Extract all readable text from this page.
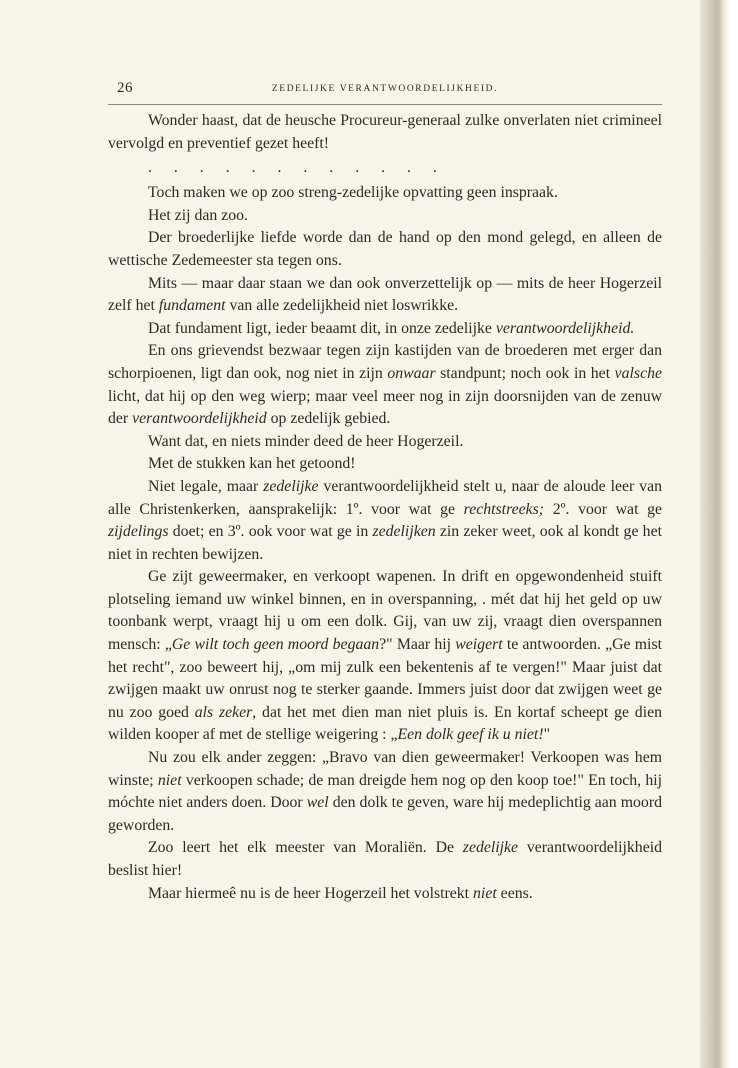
26	ZEDELIJKE VERANTWOORDELIJKHEID.

Wonder haast, dat de heusche Procureur-generaal zulke onverlaten niet crimineel vervolgd en preventief gezet heeft!

. . . . . . . . . . . .

Toch maken we op zoo streng-zedelijke opvatting geen inspraak.

Het zij dan zoo.

Der broederlijke liefde worde dan de hand op den mond gelegd, en alleen de wettische Zedemeester sta tegen ons.

Mits — maar daar staan we dan ook onverzettelijk op — mits de heer Hogerzeil zelf het fundament van alle zedelijkheid niet loswrikke.

Dat fundament ligt, ieder beaamt dit, in onze zedelijke verantwoordelijkheid.

En ons grievendst bezwaar tegen zijn kastijden van de broederen met erger dan schorpioenen, ligt dan ook, nog niet in zijn onwaar standpunt; noch ook in het valsche licht, dat hij op den weg wierp; maar veel meer nog in zijn doorsnijden van de zenuw der verantwoordelijkheid op zedelijk gebied.

Want dat, en niets minder deed de heer Hogerzeil.

Met de stukken kan het getoond!

Niet legale, maar zedelijke verantwoordelijkheid stelt u, naar de aloude leer van alle Christenkerken, aansprakelijk: 1º. voor wat ge rechtstreeks; 2º. voor wat ge zijdelings doet; en 3º. ook voor wat ge in zedelijken zin zeker weet, ook al kondt ge het niet in rechten bewijzen.

Ge zijt geweermaker, en verkoopt wapenen. In drift en opgewondenheid stuift plotseling iemand uw winkel binnen, en in overspanning, . mét dat hij het geld op uw toonbank werpt, vraagt hij u om een dolk. Gij, van uw zij, vraagt dien overspannen mensch: „Ge wilt toch geen moord begaan?" Maar hij weigert te antwoorden. „Ge mist het recht", zoo beweert hij, „om mij zulk een bekentenis af te vergen!" Maar juist dat zwijgen maakt uw onrust nog te sterker gaande. Immers juist door dat zwijgen weet ge nu zoo goed als zeker, dat het met dien man niet pluis is. En kortaf scheept ge dien wilden kooper af met de stellige weigering : „Een dolk geef ik u niet!"

Nu zou elk ander zeggen: „Bravo van dien geweermaker! Verkoopen was hem winste; niet verkoopen schade; de man dreigde hem nog op den koop toe!" En toch, hij móchte niet anders doen. Door wel den dolk te geven, ware hij medeplichtig aan moord geworden.

Zoo leert het elk meester van Moraliën. De zedelijke verantwoordelijkheid beslist hier!

Maar hiermeê nu is de heer Hogerzeil het volstrekt niet eens.
